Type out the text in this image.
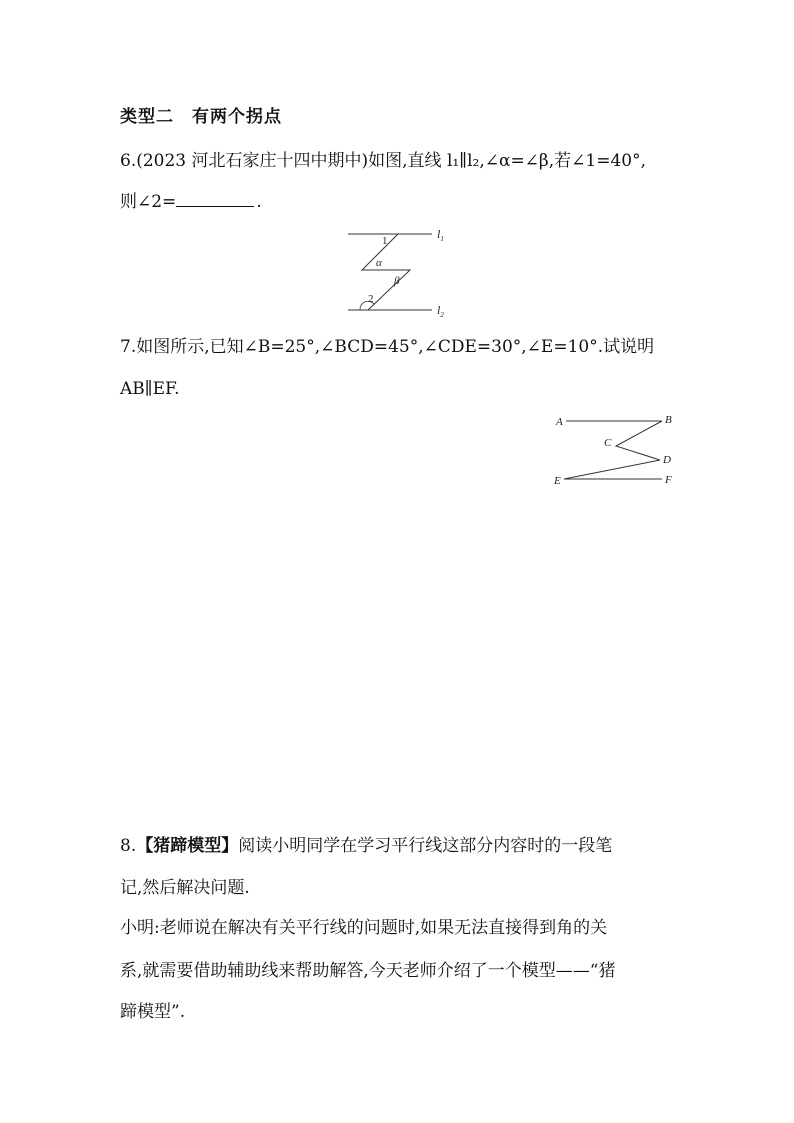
类型二　有两个拐点
6.(2023 河北石家庄十四中期中)如图,直线 l₁∥l₂,∠α=∠β,若∠1=40°,
则∠2=	.
$l_1$
$l_2$
1
α
β
2
7.如图所示,已知∠B=25°,∠BCD=45°,∠CDE=30°,∠E=10°.试说明
AB∥EF.
A	B
C
D
E	F
8.【猪蹄模型】阅读小明同学在学习平行线这部分内容时的一段笔
记,然后解决问题.
小明:老师说在解决有关平行线的问题时,如果无法直接得到角的关
系,就需要借助辅助线来帮助解答,今天老师介绍了一个模型——“猪
蹄模型”.
